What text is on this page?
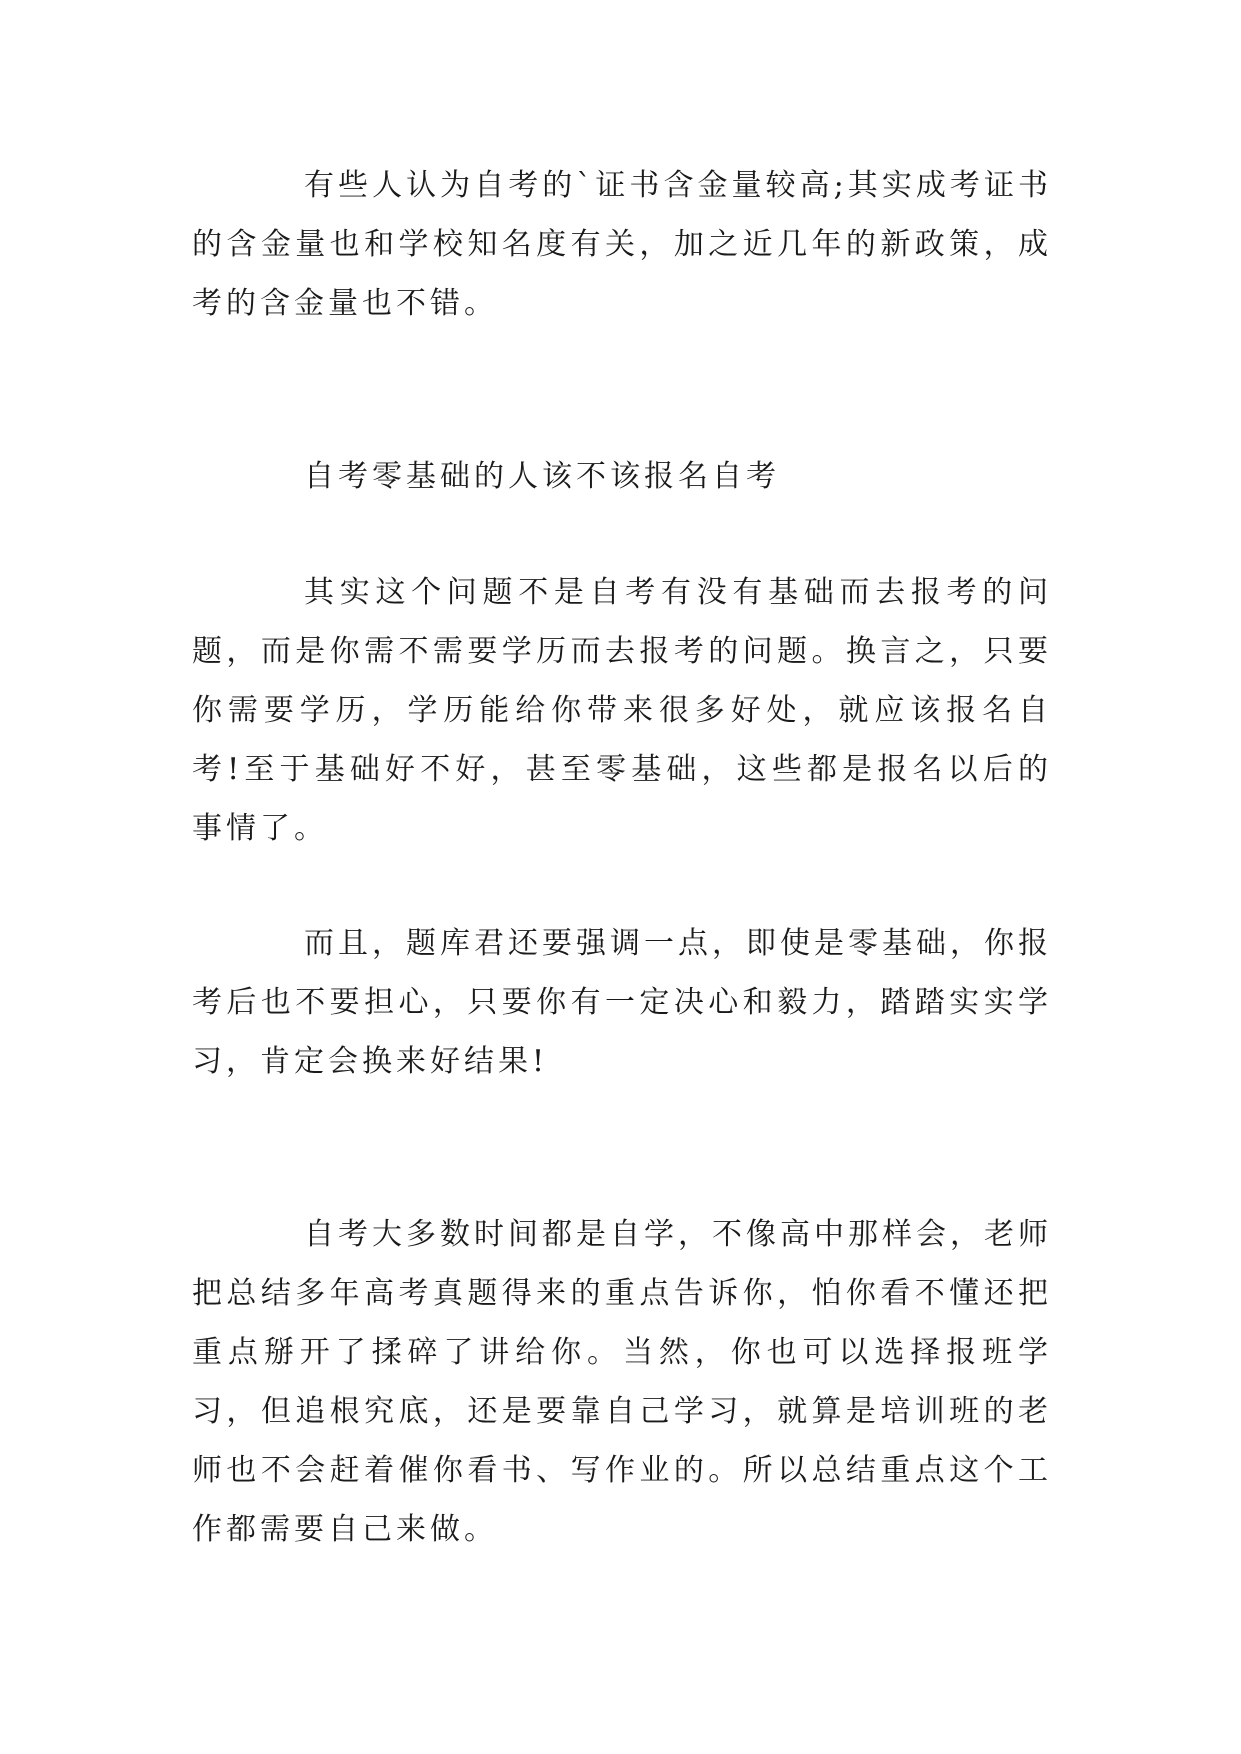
有些人认为自考的`证书含金量较高;其实成考证书的含金量也和学校知名度有关，加之近几年的新政策，成考的含金量也不错。

自考零基础的人该不该报名自考

其实这个问题不是自考有没有基础而去报考的问题，而是你需不需要学历而去报考的问题。换言之，只要你需要学历，学历能给你带来很多好处，就应该报名自考!至于基础好不好，甚至零基础，这些都是报名以后的事情了。

而且，题库君还要强调一点，即使是零基础，你报考后也不要担心，只要你有一定决心和毅力，踏踏实实学习，肯定会换来好结果!

自考大多数时间都是自学，不像高中那样会，老师把总结多年高考真题得来的重点告诉你，怕你看不懂还把重点掰开了揉碎了讲给你。当然，你也可以选择报班学习，但追根究底，还是要靠自己学习，就算是培训班的老师也不会赶着催你看书、写作业的。所以总结重点这个工作都需要自己来做。
